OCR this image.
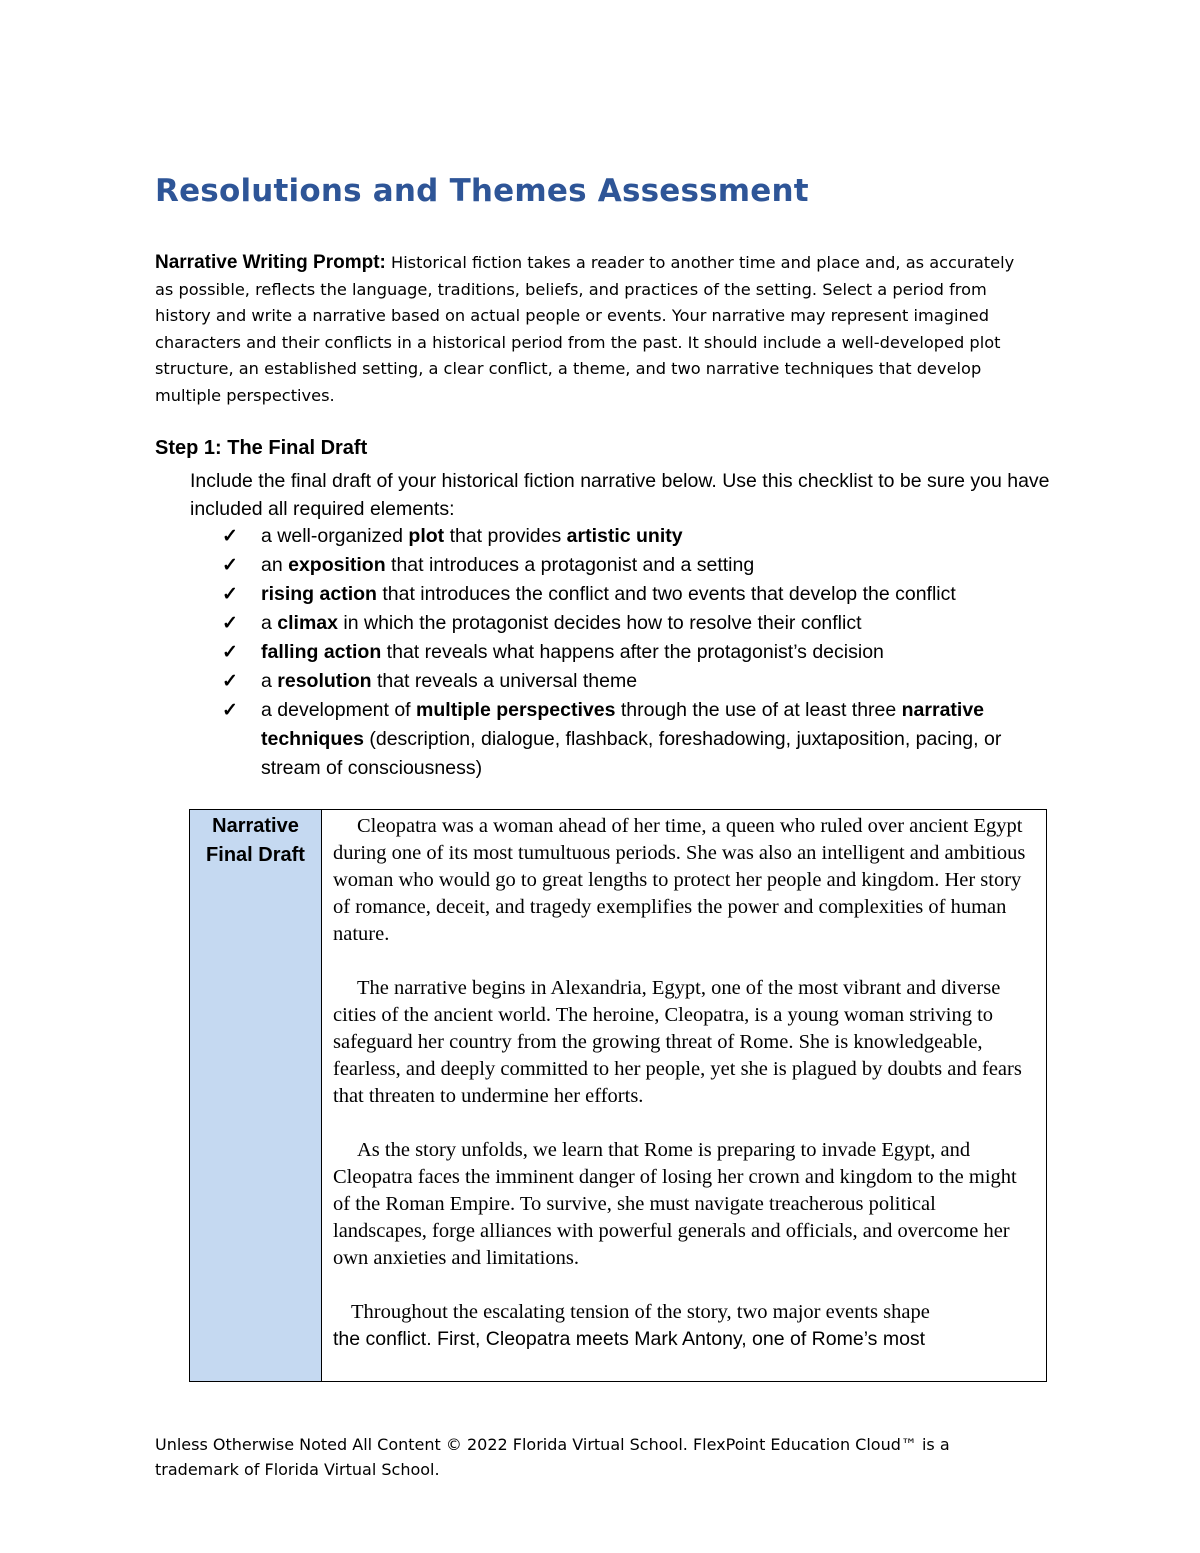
Resolutions and Themes Assessment

Narrative Writing Prompt: Historical fiction takes a reader to another time and place and, as accurately as possible, reflects the language, traditions, beliefs, and practices of the setting. Select a period from history and write a narrative based on actual people or events. Your narrative may represent imagined characters and their conflicts in a historical period from the past. It should include a well-developed plot structure, an established setting, a clear conflict, a theme, and two narrative techniques that develop multiple perspectives.

Step 1: The Final Draft

Include the final draft of your historical fiction narrative below. Use this checklist to be sure you have included all required elements:

✓ a well-organized plot that provides artistic unity
✓ an exposition that introduces a protagonist and a setting
✓ rising action that introduces the conflict and two events that develop the conflict
✓ a climax in which the protagonist decides how to resolve their conflict
✓ falling action that reveals what happens after the protagonist’s decision
✓ a resolution that reveals a universal theme
✓ a development of multiple perspectives through the use of at least three narrative techniques (description, dialogue, flashback, foreshadowing, juxtaposition, pacing, or stream of consciousness)
Narrative
Final Draft

Cleopatra was a woman ahead of her time, a queen who ruled over ancient Egypt during one of its most tumultuous periods. She was also an intelligent and ambitious woman who would go to great lengths to protect her people and kingdom. Her story of romance, deceit, and tragedy exemplifies the power and complexities of human nature.

The narrative begins in Alexandria, Egypt, one of the most vibrant and diverse cities of the ancient world. The heroine, Cleopatra, is a young woman striving to safeguard her country from the growing threat of Rome. She is knowledgeable, fearless, and deeply committed to her people, yet she is plagued by doubts and fears that threaten to undermine her efforts.

As the story unfolds, we learn that Rome is preparing to invade Egypt, and Cleopatra faces the imminent danger of losing her crown and kingdom to the might of the Roman Empire. To survive, she must navigate treacherous political landscapes, forge alliances with powerful generals and officials, and overcome her own anxieties and limitations.

Throughout the escalating tension of the story, two major events shape
the conflict. First, Cleopatra meets Mark Antony, one of Rome’s most

Unless Otherwise Noted All Content © 2022 Florida Virtual School. FlexPoint Education Cloud™ is a trademark of Florida Virtual School.
